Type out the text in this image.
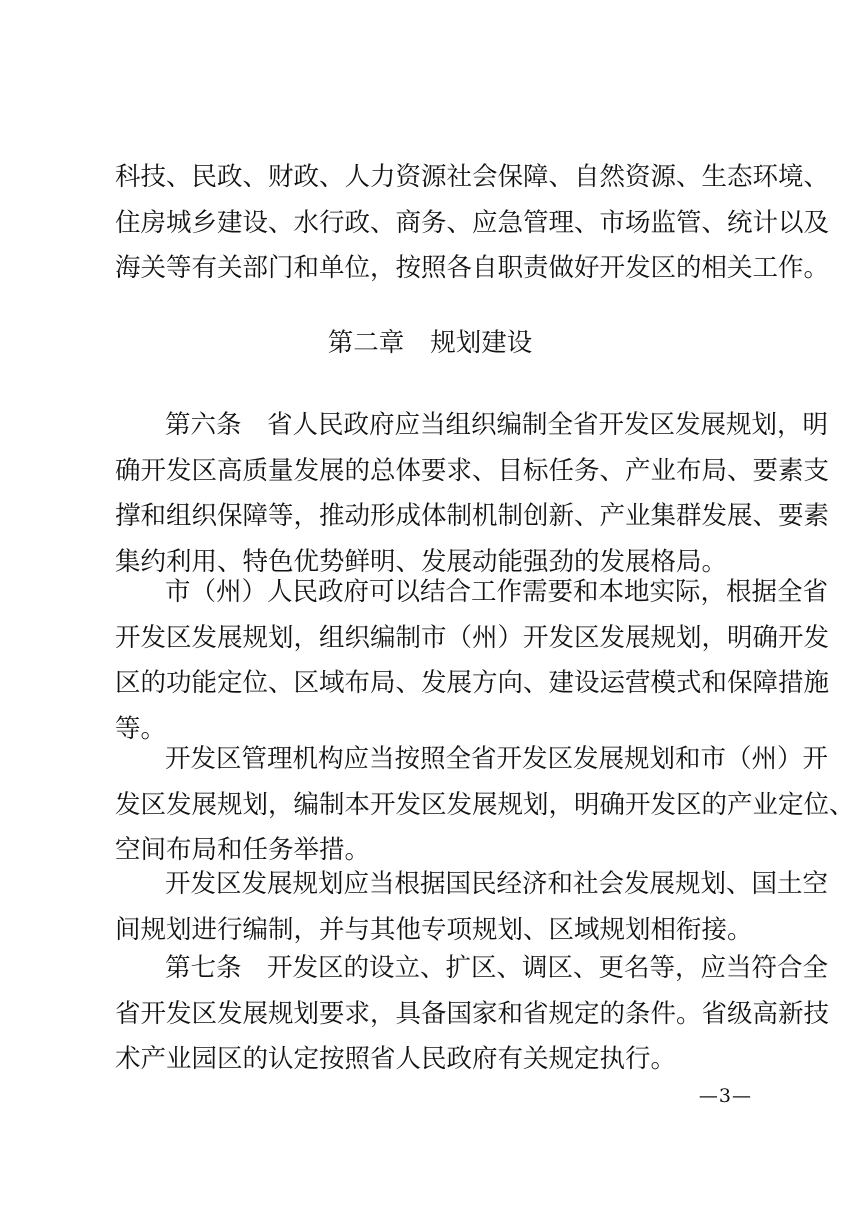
科技、民政、财政、人力资源社会保障、自然资源、生态环境、
住房城乡建设、水行政、商务、应急管理、市场监管、统计以及
海关等有关部门和单位，按照各自职责做好开发区的相关工作。
第二章 规划建设
第六条　省人民政府应当组织编制全省开发区发展规划，明
确开发区高质量发展的总体要求、目标任务、产业布局、要素支
撑和组织保障等，推动形成体制机制创新、产业集群发展、要素
集约利用、特色优势鲜明、发展动能强劲的发展格局。
市（州）人民政府可以结合工作需要和本地实际，根据全省
开发区发展规划，组织编制市（州）开发区发展规划，明确开发
区的功能定位、区域布局、发展方向、建设运营模式和保障措施
等。
开发区管理机构应当按照全省开发区发展规划和市（州）开
发区发展规划，编制本开发区发展规划，明确开发区的产业定位、
空间布局和任务举措。
开发区发展规划应当根据国民经济和社会发展规划、国土空
间规划进行编制，并与其他专项规划、区域规划相衔接。
第七条　开发区的设立、扩区、调区、更名等，应当符合全
省开发区发展规划要求，具备国家和省规定的条件。省级高新技
术产业园区的认定按照省人民政府有关规定执行。
—3—
